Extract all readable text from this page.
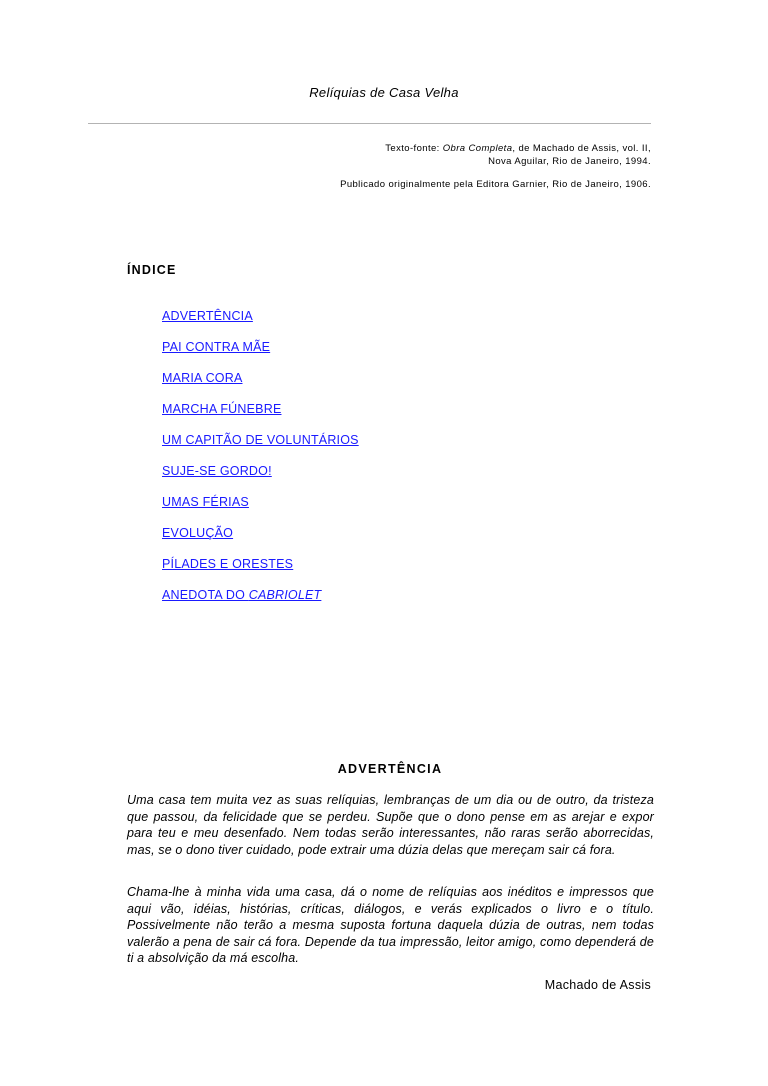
Relíquias de Casa Velha
Texto-fonte: Obra Completa, de Machado de Assis, vol. II,
Nova Aguilar, Rio de Janeiro, 1994.
Publicado originalmente pela Editora Garnier, Rio de Janeiro, 1906.
ÍNDICE
ADVERTÊNCIA
PAI CONTRA MÃE
MARIA CORA
MARCHA FÚNEBRE
UM CAPITÃO DE VOLUNTÁRIOS
SUJE-SE GORDO!
UMAS FÉRIAS
EVOLUÇÃO
PÍLADES E ORESTES
ANEDOTA DO CABRIOLET
ADVERTÊNCIA

Uma casa tem muita vez as suas relíquias, lembranças de um dia ou de outro, da tristeza que passou, da felicidade que se perdeu. Supõe que o dono pense em as arejar e expor para teu e meu desenfado. Nem todas serão interessantes, não raras serão aborrecidas, mas, se o dono tiver cuidado, pode extrair uma dúzia delas que mereçam sair cá fora.

Chama-lhe à minha vida uma casa, dá o nome de relíquias aos inéditos e impressos que aqui vão, idéias, histórias, críticas, diálogos, e verás explicados o livro e o título. Possivelmente não terão a mesma suposta fortuna daquela dúzia de outras, nem todas valerão a pena de sair cá fora. Depende da tua impressão, leitor amigo, como dependerá de ti a absolvição da má escolha.

Machado de Assis
